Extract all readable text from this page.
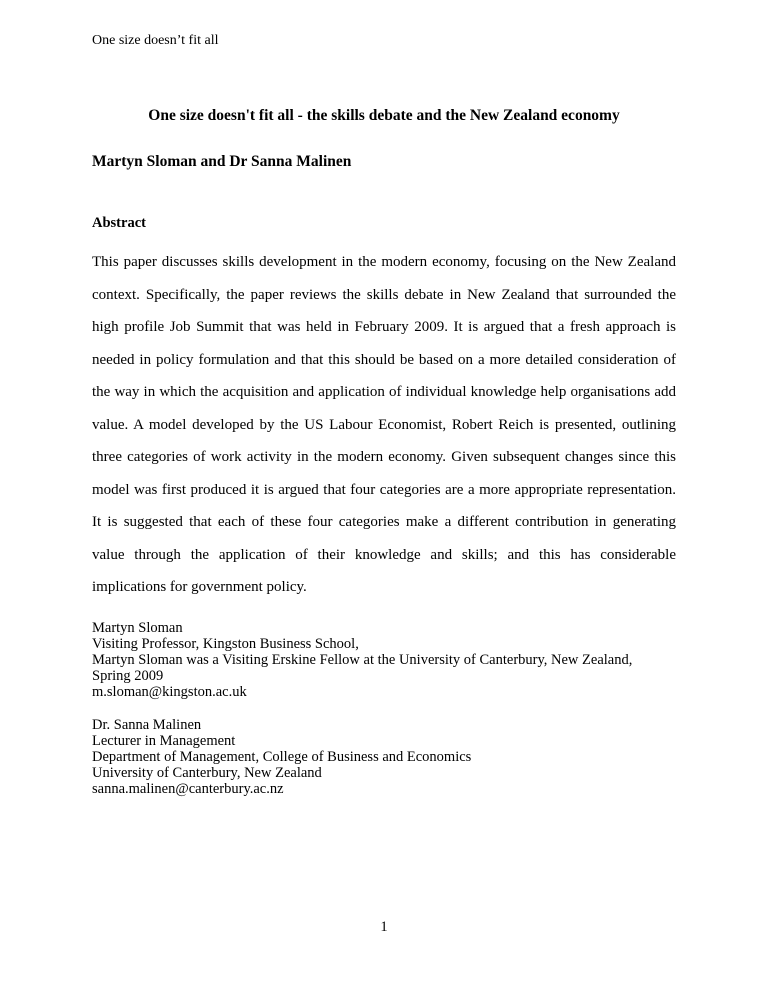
One size doesn’t fit all
One size doesn't fit all - the skills debate and the New Zealand economy
Martyn Sloman and Dr Sanna Malinen
Abstract

This paper discusses skills development in the modern economy, focusing on the New Zealand context. Specifically, the paper reviews the skills debate in New Zealand that surrounded the high profile Job Summit that was held in February 2009. It is argued that a fresh approach is needed in policy formulation and that this should be based on a more detailed consideration of the way in which the acquisition and application of individual knowledge help organisations add value. A model developed by the US Labour Economist, Robert Reich is presented, outlining three categories of work activity in the modern economy. Given subsequent changes since this model was first produced it is argued that four categories are a more appropriate representation. It is suggested that each of these four categories make a different contribution in generating value through the application of their knowledge and skills; and this has considerable implications for government policy.

Martyn Sloman
Visiting Professor, Kingston Business School,
Martyn Sloman was a Visiting Erskine Fellow at the University of Canterbury, New Zealand,
Spring 2009
m.sloman@kingston.ac.uk
Dr. Sanna Malinen
Lecturer in Management
Department of Management, College of Business and Economics
University of Canterbury, New Zealand
sanna.malinen@canterbury.ac.nz
1
